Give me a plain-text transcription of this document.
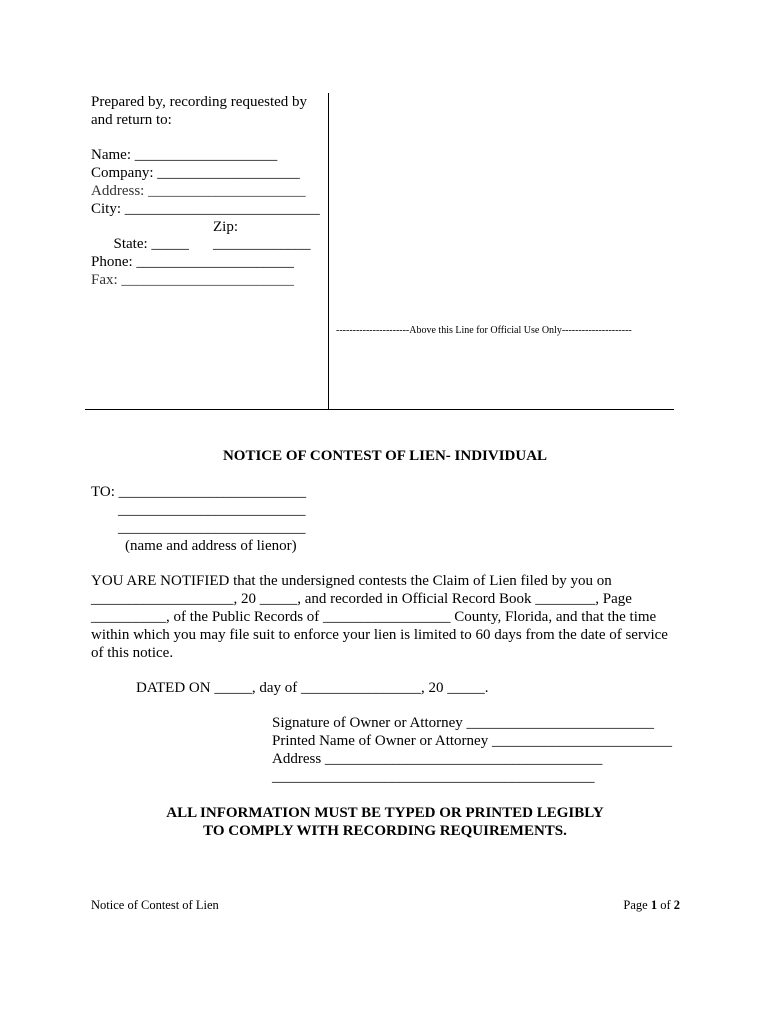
Prepared by, recording requested by
and return to:
Name: ___________________
Company: ___________________
Address: _____________________
City: __________________________

State: _____

Zip:

_____________
Phone: _____________________
Fax: _______________________
----------------------Above this Line for Official Use Only---------------------
NOTICE OF CONTEST OF LIEN- INDIVIDUAL
TO: _________________________
_________________________
_________________________
(name and address of lienor)
YOU ARE NOTIFIED that the undersigned contests the Claim of Lien filed by you on
___________________, 20 _____, and recorded in Official Record Book ________, Page
__________, of the Public Records of _________________ County, Florida, and that the time
within which you may file suit to enforce your lien is limited to 60 days from the date of service
of this notice.
DATED ON _____, day of ________________, 20 _____.
Signature of Owner or Attorney _________________________
Printed Name of Owner or Attorney ________________________
Address _____________________________________
___________________________________________
ALL INFORMATION MUST BE TYPED OR PRINTED LEGIBLY
TO COMPLY WITH RECORDING REQUIREMENTS.
Notice of Contest of Lien	Page 1 of 2
